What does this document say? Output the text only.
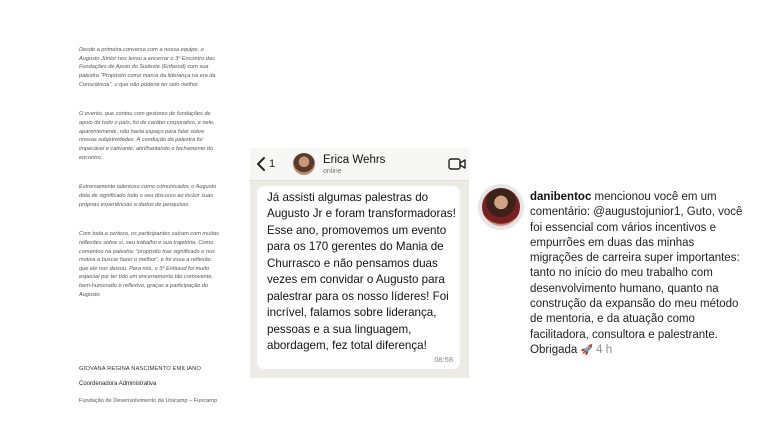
Desde a primeira conversa com a nossa equipe, o Augusto Júnior nos levou a encerrar o 3º Encontro das Fundações de Apoio do Sudeste (Enfasud) com sua palestra “Propósito como marca da liderança na era da Consciência”, o que não poderia ter sido melhor.

O evento, que contou com gestores de fundações de apoio de todo o país, foi de caráter corporativo, e nele, aparentemente, não havia espaço para falar sobre nossas subjetividades. A condução da palestra foi impecável e cativante, abrilhantando o fechamento do encontro.

Extremamente talentoso como comunicador, o Augusto dota de significado todo o seu discurso ao incluir suas próprias experiências a dados de pesquisas.

Com toda a certeza, os participantes saíram com muitas reflexões sobre si, seu trabalho e sua trajetória. Como comentou na palestra: “propósito traz significado e nos motiva a buscar fazer o melhor”, e foi essa a reflexão que ele nos deixou. Para nós, o 3º Enfasud foi muito especial por ter tido um encerramento tão comovente, bem-humorado e reflexivo, graças a participação do Augusto.

GIOVANA REGINA NASCIMENTO EMILIANO
Coordenadora Administrativa
Fundação de Desenvolvimento da Unicamp – Funcamp
1	Erica Wehrs
online
Já assisti algumas palestras do Augusto Jr e foram transformadoras! Esse ano, promovemos um evento para os 170 gerentes do Mania de Churrasco e não pensamos duas vezes em convidar o Augusto para palestrar para os nosso líderes! Foi incrível, falamos sobre liderança, pessoas e a sua linguagem, abordagem, fez total diferença!
08:58
danibentoc mencionou você em um comentário: @augustojunior1, Guto, você foi essencial com vários incentivos e empurrões em duas das minhas migrações de carreira super importantes: tanto no início do meu trabalho com desenvolvimento humano, quanto na construção da expansão do meu método de mentoria, e da atuação como facilitadora, consultora e palestrante. Obrigada 🚀 4 h
